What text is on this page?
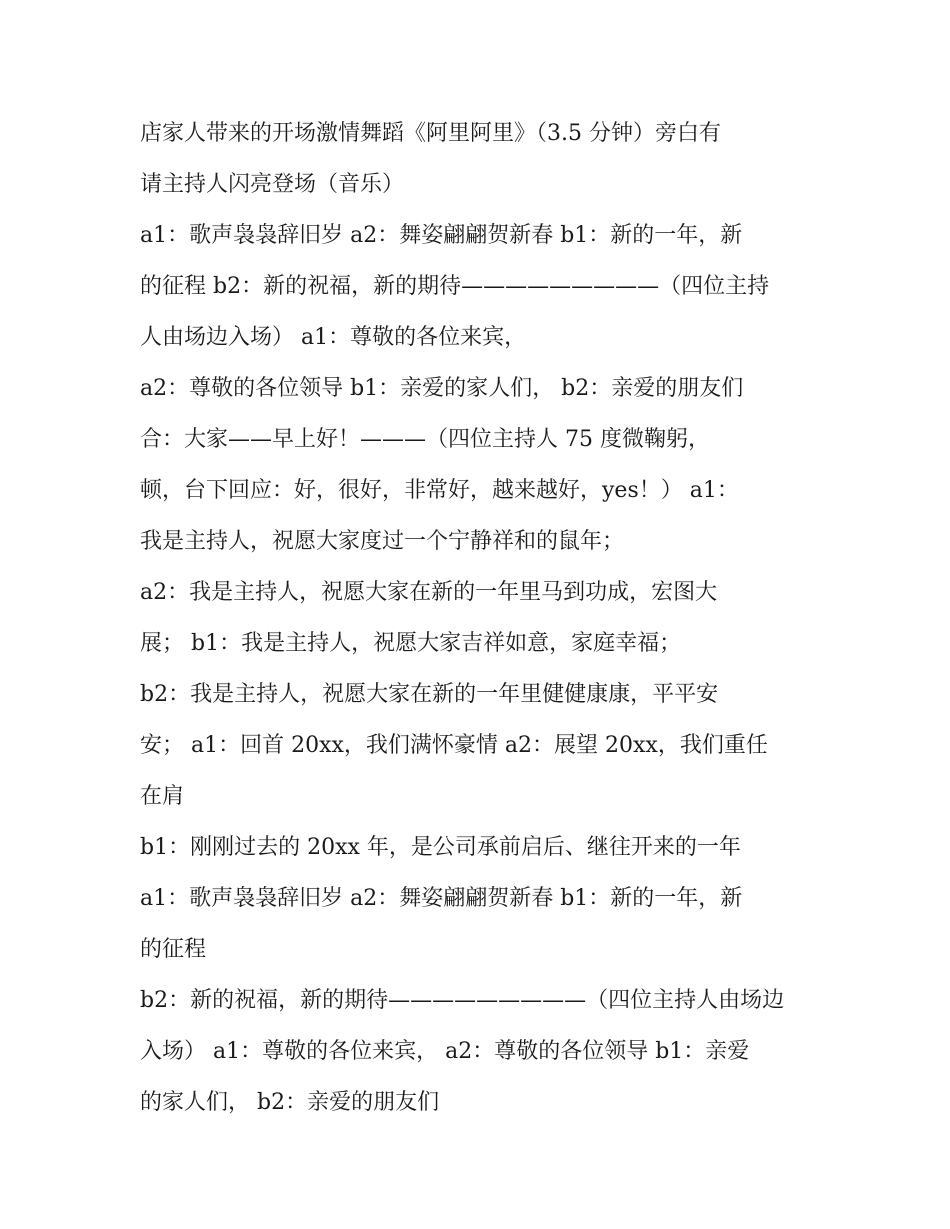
店家人带来的开场激情舞蹈《阿里阿里》（3.5 分钟）旁白有
请主持人闪亮登场（音乐）
a1：歌声袅袅辞旧岁 a2：舞姿翩翩贺新春 b1：新的一年，新
的征程 b2：新的祝福，新的期待—————————（四位主持
人由场边入场） a1：尊敬的各位来宾，
a2：尊敬的各位领导 b1：亲爱的家人们， b2：亲爱的朋友们
合：大家——早上好！———（四位主持人 75 度微鞠躬，
顿，台下回应：好，很好，非常好，越来越好，yes！） a1：
我是主持人，祝愿大家度过一个宁静祥和的鼠年；
a2：我是主持人，祝愿大家在新的一年里马到功成，宏图大
展； b1：我是主持人，祝愿大家吉祥如意，家庭幸福；
b2：我是主持人，祝愿大家在新的一年里健健康康，平平安
安； a1：回首 20xx，我们满怀豪情 a2：展望 20xx，我们重任
在肩
b1：刚刚过去的 20xx 年，是公司承前启后、继往开来的一年
a1：歌声袅袅辞旧岁 a2：舞姿翩翩贺新春 b1：新的一年，新
的征程
b2：新的祝福，新的期待—————————（四位主持人由场边
入场） a1：尊敬的各位来宾， a2：尊敬的各位领导 b1：亲爱
的家人们， b2：亲爱的朋友们
